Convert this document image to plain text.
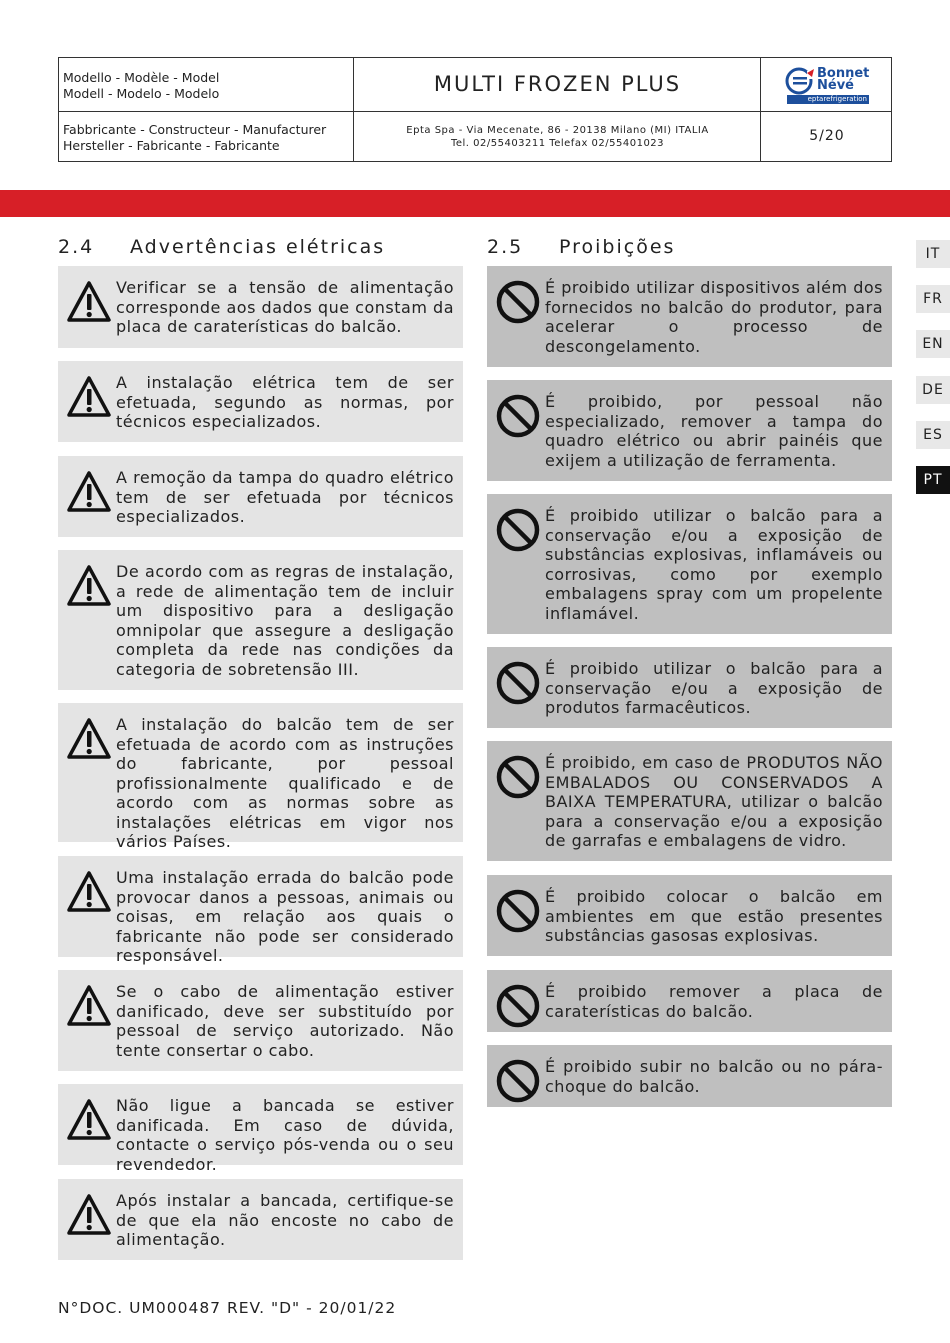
Modello - Modèle - Model
Modell - Modelo - Modelo
Fabbricante - Constructeur - Manufacturer
Hersteller - Fabricante - Fabricante
MULTI FROZEN PLUS
Epta Spa - Via Mecenate, 86 - 20138 Milano (MI) ITALIA
Tel. 02/55403211 Telefax 02/55401023	5/20
Bonnet
Névé
eptarefrigeration
2.4 Advertências elétricas	2.5 Proibições
Verificar se a tensão de alimentação corresponde aos dados que constam da placa de caraterísticas do balcão.
A instalação elétrica tem de ser efetuada, segundo as normas, por técnicos especializados.
A remoção da tampa do quadro elétrico tem de ser efetuada por técnicos especializados.
De acordo com as regras de instalação, a rede de alimentação tem de incluir um dispositivo para a desligação omnipolar que assegure a desligação completa da rede nas condições da categoria de sobretensão III.
A instalação do balcão tem de ser efetuada de acordo com as instruções do fabricante, por pessoal profissionalmente qualificado e de acordo com as normas sobre as instalações elétricas em vigor nos vários Países.
Uma instalação errada do balcão pode provocar danos a pessoas, animais ou coisas, em relação aos quais o fabricante não pode ser considerado responsável.
Se o cabo de alimentação estiver danificado, deve ser substituído por pessoal de serviço autorizado. Não tente consertar o cabo.
Não ligue a bancada se estiver danificada. Em caso de dúvida, contacte o serviço pós-venda ou o seu revendedor.
Após instalar a bancada, certifique-se de que ela não encoste no cabo de alimentação.
É proibido utilizar dispositivos além dos fornecidos no balcão do produtor, para acelerar o processo de descongelamento.
É proibido, por pessoal não especializado, remover a tampa do quadro elétrico ou abrir painéis que exijem a utilização de ferramenta.
É proibido utilizar o balcão para a conservação e/ou a exposição de substâncias explosivas, inflamáveis ou corrosivas, como por exemplo embalagens spray com um propelente inflamável.
É proibido utilizar o balcão para a conservação e/ou a exposição de produtos farmacêuticos.
É proibido, em caso de PRODUTOS NÃO EMBALADOS OU CONSERVADOS A BAIXA TEMPERATURA, utilizar o balcão para a conservação e/ou a exposição de garrafas e embalagens de vidro.
É proibido colocar o balcão em ambientes em que estão presentes substâncias gasosas explosivas.
É proibido remover a placa de caraterísticas do balcão.
É proibido subir no balcão ou no pára-choque do balcão.
IT
FR
EN
DE
ES
PT
N°DOC. UM000487 REV. "D" - 20/01/22
